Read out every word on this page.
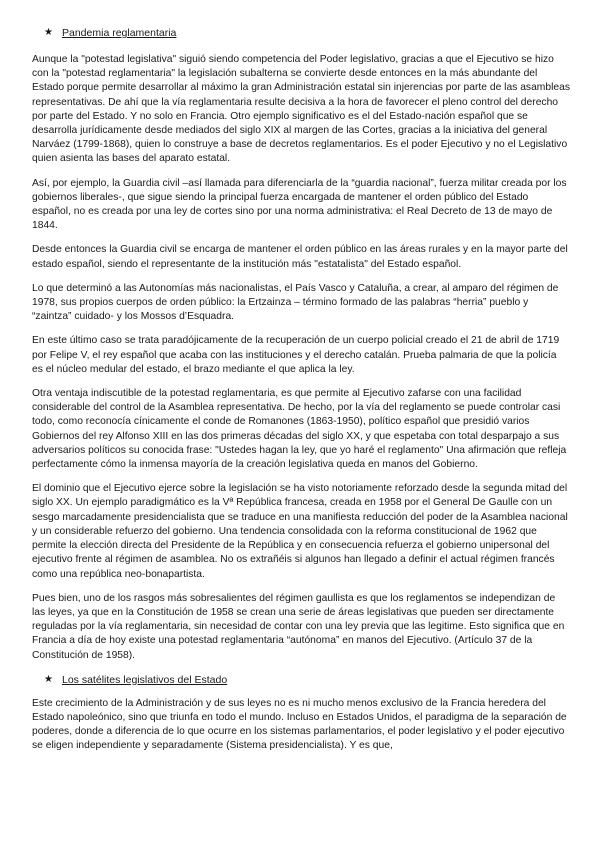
★ Pandemia reglamentaria

Aunque la "potestad legislativa" siguió siendo competencia del Poder legislativo, gracias a que el Ejecutivo se hizo con la "potestad reglamentaria" la legislación subalterna se convierte desde entonces en la más abundante del Estado porque permite desarrollar al máximo la gran Administración estatal sin injerencias por parte de las asambleas representativas. De ahí que la vía reglamentaria resulte decisiva a la hora de favorecer el pleno control del derecho por parte del Estado. Y no solo en Francia. Otro ejemplo significativo es el del Estado-nación español que se desarrolla jurídicamente desde mediados del siglo XIX al margen de las Cortes, gracias a la iniciativa del general Narváez (1799-1868), quien lo construye a base de decretos reglamentarios. Es el poder Ejecutivo y no el Legislativo quien asienta las bases del aparato estatal.

Así, por ejemplo, la Guardia civil –así llamada para diferenciarla de la “guardia nacional”, fuerza militar creada por los gobiernos liberales-, que sigue siendo la principal fuerza encargada de mantener el orden público del Estado español, no es creada por una ley de cortes sino por una norma administrativa: el Real Decreto de 13 de mayo de 1844.

Desde entonces la Guardia civil se encarga de mantener el orden público en las áreas rurales y en la mayor parte del estado español, siendo el representante de la institución más "estatalista" del Estado español.

Lo que determinó a las Autonomías más nacionalistas, el País Vasco y Cataluña, a crear, al amparo del régimen de 1978, sus propios cuerpos de orden público: la Ertzainza – término formado de las palabras “herria” pueblo y “zaintza” cuidado- y los Mossos d’Esquadra.

En este último caso se trata paradójicamente de la recuperación de un cuerpo policial creado el 21 de abril de 1719 por Felipe V, el rey español que acaba con las instituciones y el derecho catalán. Prueba palmaria de que la policía es el núcleo medular del estado, el brazo mediante el que aplica la ley.

Otra ventaja indiscutible de la potestad reglamentaria, es que permite al Ejecutivo zafarse con una facilidad considerable del control de la Asamblea representativa. De hecho, por la vía del reglamento se puede controlar casi todo, como reconocía cínicamente el conde de Romanones (1863-1950), político español que presidió varios Gobiernos del rey Alfonso XIII en las dos primeras décadas del siglo XX, y que espetaba con total desparpajo a sus adversarios políticos su conocida frase: "Ustedes hagan la ley, que yo haré el reglamento" Una afirmación que refleja perfectamente cómo la inmensa mayoría de la creación legislativa queda en manos del Gobierno.

El dominio que el Ejecutivo ejerce sobre la legislación se ha visto notoriamente reforzado desde la segunda mitad del siglo XX. Un ejemplo paradigmático es la Vª República francesa, creada en 1958 por el General De Gaulle con un sesgo marcadamente presidencialista que se traduce en una manifiesta reducción del poder de la Asamblea nacional y un considerable refuerzo del gobierno. Una tendencia consolidada con la reforma constitucional de 1962 que permite la elección directa del Presidente de la República y en consecuencia refuerza el gobierno unipersonal del ejecutivo frente al régimen de asamblea. No os extrañéis si algunos han llegado a definir el actual régimen francés como una república neo-bonapartista.

Pues bien, uno de los rasgos más sobresalientes del régimen gaullista es que los reglamentos se independizan de las leyes, ya que en la Constitución de 1958 se crean una serie de áreas legislativas que pueden ser directamente reguladas por la vía reglamentaria, sin necesidad de contar con una ley previa que las legitime. Esto significa que en Francia a día de hoy existe una potestad reglamentaria “autónoma” en manos del Ejecutivo. (Artículo 37 de la Constitución de 1958).

★ Los satélites legislativos del Estado

Este crecimiento de la Administración y de sus leyes no es ni mucho menos exclusivo de la Francia heredera del Estado napoleónico, sino que triunfa en todo el mundo. Incluso en Estados Unidos, el paradigma de la separación de poderes, donde a diferencia de lo que ocurre en los sistemas parlamentarios, el poder legislativo y el poder ejecutivo se eligen independiente y separadamente (Sistema presidencialista). Y es que,
